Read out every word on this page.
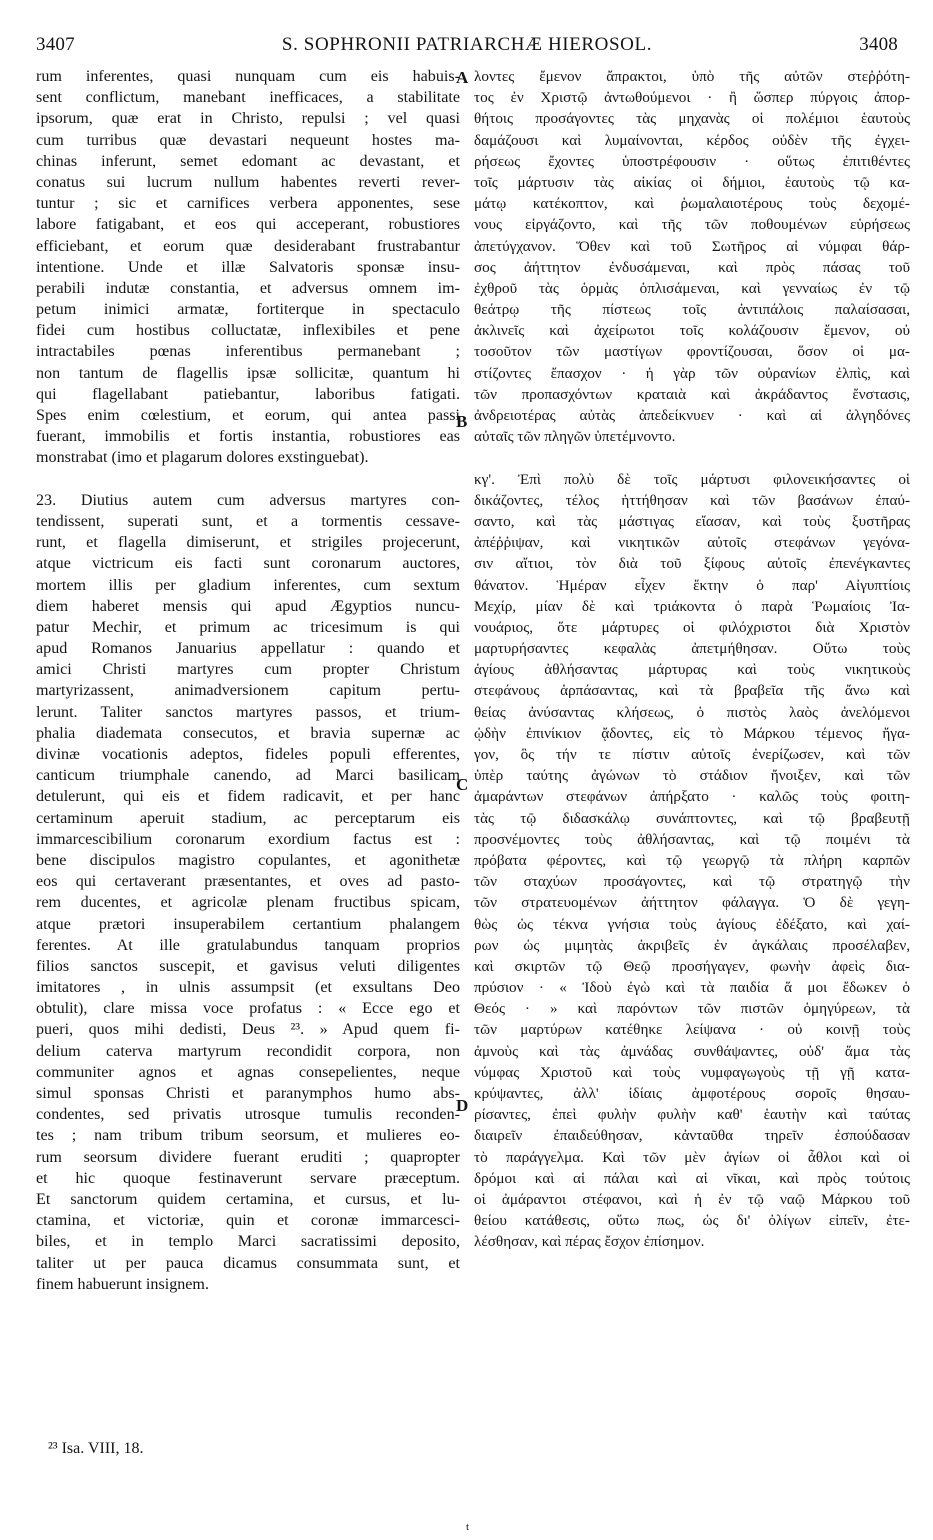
3407	S. SOPHRONII PATRIARCHÆ HIEROSOL.	3408
rum inferentes, quasi nunquam cum eis habuis-
sent conflictum, manebant inefficaces, a stabilitate
ipsorum, quæ erat in Christo, repulsi ; vel quasi
cum turribus quæ devastari nequeunt hostes ma-
chinas inferunt, semet edomant ac devastant, et
conatus sui lucrum nullum habentes reverti rever-
tuntur ; sic et carnifices verbera apponentes, sese
labore fatigabant, et eos qui acceperant, robustiores
efficiebant, et eorum quæ desiderabant frustrabantur
intentione. Unde et illæ Salvatoris sponsæ insu-
perabili indutæ constantia, et adversus omnem im-
petum inimici armatæ, fortiterque in spectaculo
fidei cum hostibus colluctatæ, inflexibiles et pene
intractabiles pœnas inferentibus permanebant ;
non tantum de flagellis ipsæ sollicitæ, quantum hi
qui flagellabant patiebantur, laboribus fatigati.
Spes enim cœlestium, et eorum, qui antea passi
fuerant, immobilis et fortis instantia, robustiores eas
monstrabat (imo et plagarum dolores exstinguebat).
23. Diutius autem cum adversus martyres con-
tendissent, superati sunt, et a tormentis cessave-
runt, et flagella dimiserunt, et strigiles projecerunt,
atque victricum eis facti sunt coronarum auctores,
mortem illis per gladium inferentes, cum sextum
diem haberet mensis qui apud Ægyptios nuncu-
patur Mechir, et primum ac tricesimum is qui
apud Romanos Januarius appellatur : quando et
amici Christi martyres cum propter Christum
martyrizassent, animadversionem capitum pertu-
lerunt. Taliter sanctos martyres passos, et trium-
phalia diademata consecutos, et bravia supernæ ac
divinæ vocationis adeptos, fideles populi efferentes,
canticum triumphale canendo, ad Marci basilicam
detulerunt, qui eis et fidem radicavit, et per hanc
certaminum aperuit stadium, ac perceptarum eis
immarcescibilium coronarum exordium factus est :
bene discipulos magistro copulantes, et agonithetæ
eos qui certaverant præsentantes, et oves ad pasto-
rem ducentes, et agricolæ plenam fructibus spicam,
atque prætori insuperabilem certantium phalangem
ferentes. At ille gratulabundus tanquam proprios
filios sanctos suscepit, et gavisus veluti diligentes
imitatores , in ulnis assumpsit (et exsultans Deo
obtulit), clare missa voce profatus : « Ecce ego et
pueri, quos mihi dedisti, Deus ²³. » Apud quem fi-
delium caterva martyrum recondidit corpora, non
communiter agnos et agnas consepelientes, neque
simul sponsas Christi et paranymphos humo abs-
condentes, sed privatis utrosque tumulis reconden-
tes ; nam tribum tribum seorsum, et mulieres eo-
rum seorsum dividere fuerant eruditi ; quapropter
et hic quoque festinaverunt servare præceptum.
Et sanctorum quidem certamina, et cursus, et lu-
ctamina, et victoriæ, quin et coronæ immarcesci-
biles, et in templo Marci sacratissimi deposito,
taliter ut per pauca dicamus consummata sunt, et
finem habuerunt insignem.
λοντες ἔμενον ἄπρακτοι, ὑπὸ τῆς αὐτῶν στεῤῥότη-
τος ἐν Χριστῷ ἀντωθούμενοι · ἢ ὥσπερ πύργοις ἀπορ-
θήτοις προσάγοντες τὰς μηχανὰς οἱ πολέμιοι ἑαυτοὺς
δαμάζουσι καὶ λυμαίνονται, κέρδος οὐδὲν τῆς ἐγχει-
ρήσεως ἔχοντες ὑποστρέφουσιν · οὕτως ἐπιτιθέντες
τοῖς μάρτυσιν τὰς αἰκίας οἱ δήμιοι, ἑαυτοὺς τῷ κα-
μάτῳ κατέκοπτον, καὶ ῥωμαλαιοτέρους τοὺς δεχομέ-
νους εἰργάζοντο, καὶ τῆς τῶν ποθουμένων εὑρήσεως
ἀπετύγχανον. Ὅθεν καὶ τοῦ Σωτῆρος αἱ νύμφαι θάρ-
σος ἀήττητον ἐνδυσάμεναι, καὶ πρὸς πάσας τοῦ
ἐχθροῦ τὰς ὁρμὰς ὁπλισάμεναι, καὶ γενναίως ἐν τῷ
θεάτρῳ τῆς πίστεως τοῖς ἀντιπάλοις παλαίσασαι,
ἀκλινεῖς καὶ ἀχείρωτοι τοῖς κολάζουσιν ἔμενον, οὐ
τοσοῦτον τῶν μαστίγων φροντίζουσαι, ὅσον οἱ μα-
στίζοντες ἔπασχον · ἡ γὰρ τῶν οὐρανίων ἐλπὶς, καὶ
τῶν προπασχόντων κραταιὰ καὶ ἀκράδαντος ἔνστασις,
ἀνδρειοτέρας αὐτὰς ἀπεδείκνυεν · καὶ αἱ ἀλγηδόνες
αὐταῖς τῶν πληγῶν ὑπετέμνοντο.
κγ'. Ἐπὶ πολὺ δὲ τοῖς μάρτυσι φιλονεικήσαντες οἱ
δικάζοντες, τέλος ἡττήθησαν καὶ τῶν βασάνων ἐπαύ-
σαντο, καὶ τὰς μάστιγας εἴασαν, καὶ τοὺς ξυστῆρας
ἀπέῤῥιψαν, καὶ νικητικῶν αὐτοῖς στεφάνων γεγόνα-
σιν αἴτιοι, τὸν διὰ τοῦ ξίφους αὐτοῖς ἐπενέγκαντες
θάνατον. Ἡμέραν εἶχεν ἕκτην ὁ παρ' Αἰγυπτίοις
Μεχίρ, μίαν δὲ καὶ τριάκοντα ὁ παρὰ Ῥωμαίοις Ἰα-
νουάριος, ὅτε μάρτυρες οἱ φιλόχριστοι διὰ Χριστὸν
μαρτυρήσαντες κεφαλὰς ἀπετμήθησαν. Οὕτω τοὺς
ἁγίους ἀθλήσαντας μάρτυρας καὶ τοὺς νικητικοὺς
στεφάνους ἁρπάσαντας, καὶ τὰ βραβεῖα τῆς ἄνω καὶ
θείας ἀνύσαντας κλήσεως, ὁ πιστὸς λαὸς ἀνελόμενοι
ᾠδὴν ἐπινίκιον ᾄδοντες, εἰς τὸ Μάρκου τέμενος ἤγα-
γον, ὃς τήν τε πίστιν αὐτοῖς ἐνερίζωσεν, καὶ τῶν
ὑπὲρ ταύτης ἀγώνων τὸ στάδιον ἤνοιξεν, καὶ τῶν
ἀμαράντων στεφάνων ἀπήρξατο · καλῶς τοὺς φοιτη-
τὰς τῷ διδασκάλῳ συνάπτοντες, καὶ τῷ βραβευτῇ
προσνέμοντες τοὺς ἀθλήσαντας, καὶ τῷ ποιμένι τὰ
πρόβατα φέροντες, καὶ τῷ γεωργῷ τὰ πλήρη καρπῶν
τῶν σταχύων προσάγοντες, καὶ τῷ στρατηγῷ τὴν
τῶν στρατευομένων ἀήττητον φάλαγγα. Ὁ δὲ γεγη-
θὼς ὡς τέκνα γνήσια τοὺς ἁγίους ἐδέξατο, καὶ χαί-
ρων ὡς μιμητὰς ἀκριβεῖς ἐν ἀγκάλαις προσέλαβεν,
καὶ σκιρτῶν τῷ Θεῷ προσήγαγεν, φωνὴν ἀφεὶς δια-
πρύσιον · « Ἰδοὺ ἐγὼ καὶ τὰ παιδία ἅ μοι ἔδωκεν ὁ
Θεός · » καὶ παρόντων τῶν πιστῶν ὁμηγύρεων, τὰ
τῶν μαρτύρων κατέθηκε λείψανα · οὐ κοινῇ τοὺς
ἀμνοὺς καὶ τὰς ἀμνάδας συνθάψαντες, οὐδ' ἅμα τὰς
νύμφας Χριστοῦ καὶ τοὺς νυμφαγωγοὺς τῇ γῇ κατα-
κρύψαντες, ἀλλ' ἰδίαις ἀμφοτέρους σοροῖς θησαυ-
ρίσαντες, ἐπεὶ φυλὴν φυλὴν καθ' ἑαυτὴν καὶ ταύτας
διαιρεῖν ἐπαιδεύθησαν, κἀνταῦθα τηρεῖν ἐσπούδασαν
τὸ παράγγελμα. Καὶ τῶν μὲν ἁγίων οἱ ἆθλοι καὶ οἱ
δρόμοι καὶ αἱ πάλαι καὶ αἱ νῖκαι, καὶ πρὸς τούτοις
οἱ ἀμάραντοι στέφανοι, καὶ ἡ ἐν τῷ ναῷ Μάρκου τοῦ
θείου κατάθεσις, οὕτω πως, ὡς δι' ὀλίγων εἰπεῖν, ἐτε-
λέσθησαν, καὶ πέρας ἔσχον ἐπίσημον.
A
B
C
D
²³ Isa. VIII, 18.
t
